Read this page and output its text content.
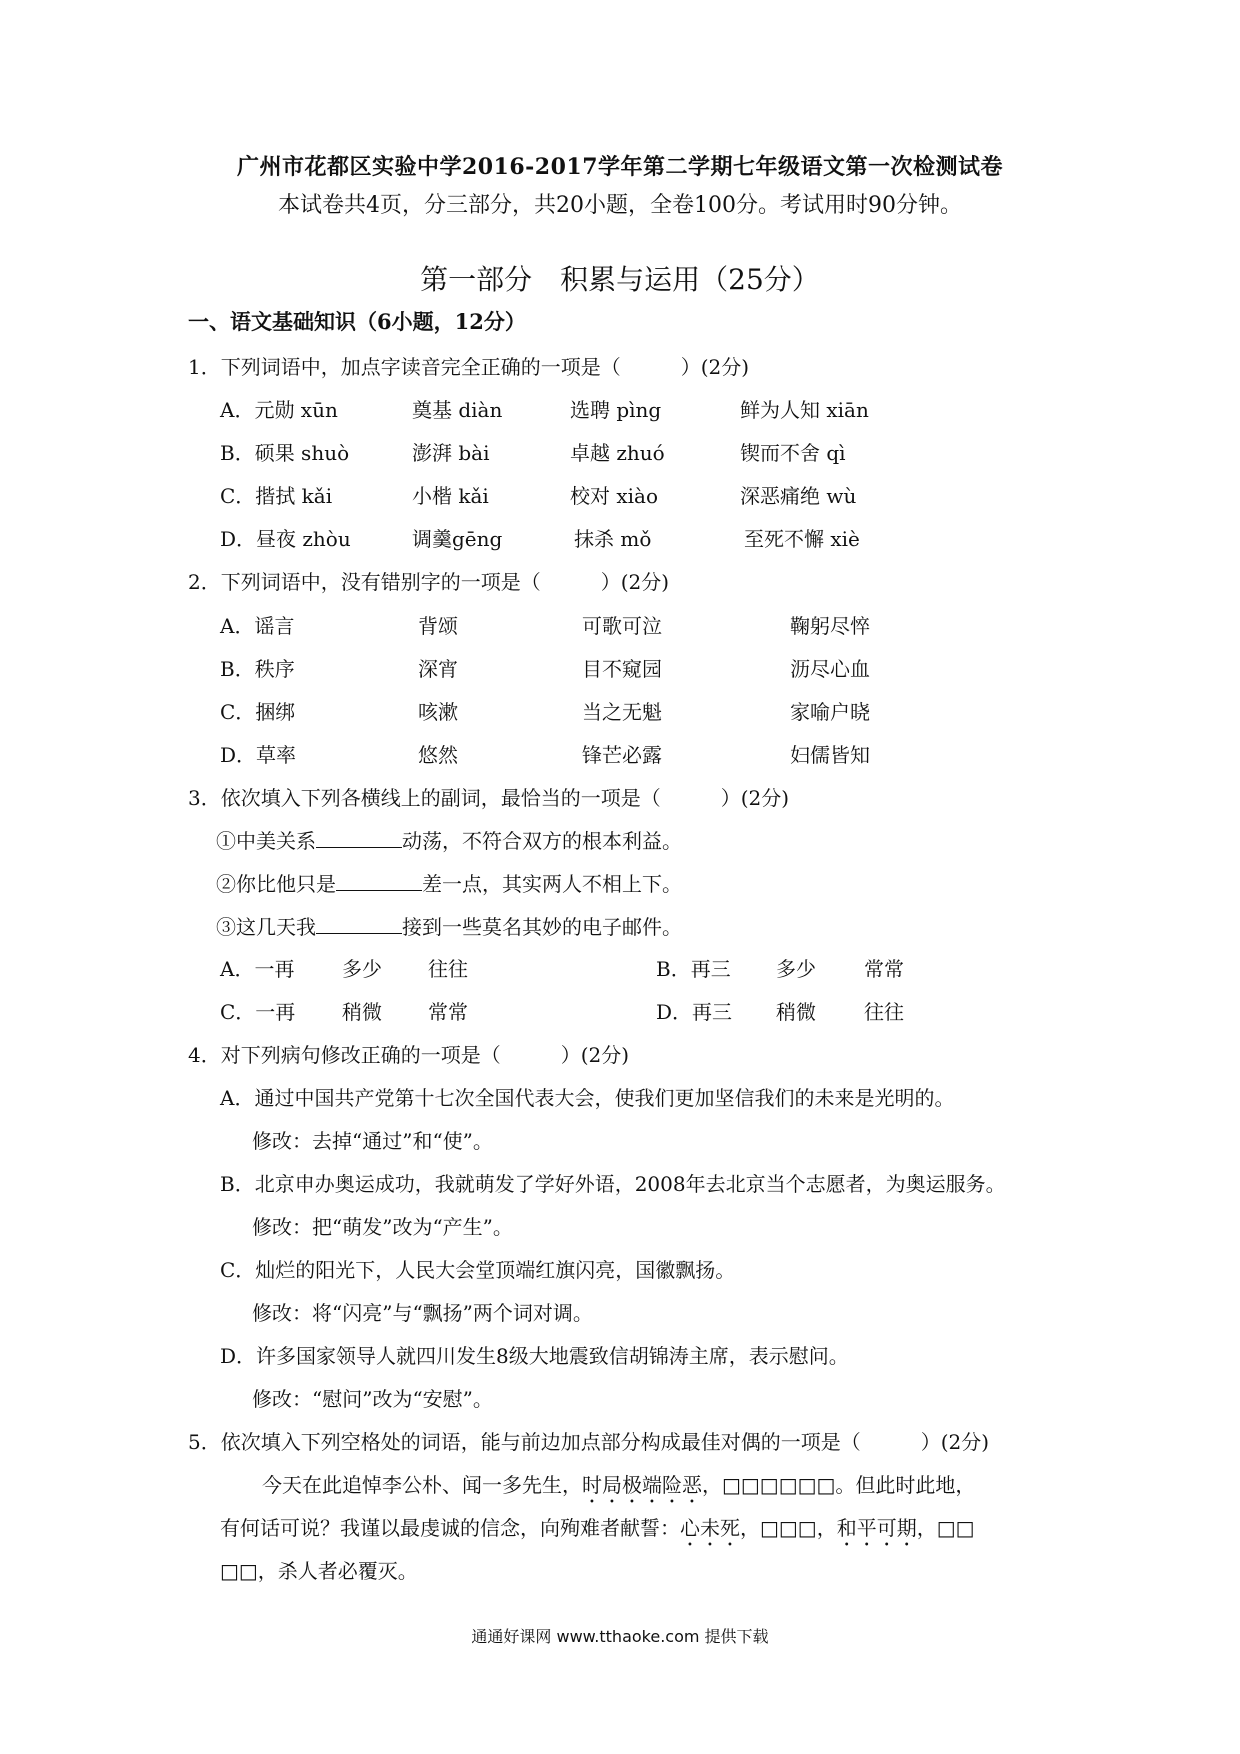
广州市花都区实验中学2016-2017学年第二学期七年级语文第一次检测试卷
本试卷共4页，分三部分，共20小题，全卷100分。考试用时90分钟。
第一部分　积累与运用（25分）
一、语文基础知识（6小题，12分）
1．下列词语中，加点字读音完全正确的一项是（　　　）(2分)
A．元勋 xūn	奠基 diàn	选聘 pìng	鲜为人知 xiān
B．硕果 shuò	澎湃 bài	卓越 zhuó	锲而不舍 qì
C．揩拭 kǎi	小楷 kǎi	校对 xiào	深恶痛绝 wù
D．昼夜 zhòu	调羹gēng	抹杀 mǒ	至死不懈 xiè
2．下列词语中，没有错别字的一项是（　　　）(2分)
A．谣言	背颂	可歌可泣	鞠躬尽悴
B．秩序	深宵	目不窥园	沥尽心血
C．捆绑	咳漱	当之无魁	家喻户晓
D．草率	悠然	锋芒必露	妇儒皆知
3．依次填入下列各横线上的副词，最恰当的一项是（　　　）(2分)
①中美关系	动荡，不符合双方的根本利益。
②你比他只是	差一点，其实两人不相上下。
③这几天我	接到一些莫名其妙的电子邮件。
A．一再 多少 往往	B．再三 多少 常常
C．一再 稍微 常常	D．再三 稍微 往往
4．对下列病句修改正确的一项是（　　　）(2分)
A．通过中国共产党第十七次全国代表大会，使我们更加坚信我们的未来是光明的。
修改：去掉“通过”和“使”。
B．北京申办奥运成功，我就萌发了学好外语，2008年去北京当个志愿者，为奥运服务。
修改：把“萌发”改为“产生”。
C．灿烂的阳光下，人民大会堂顶端红旗闪亮，国徽飘扬。
修改：将“闪亮”与“飘扬”两个词对调。
D．许多国家领导人就四川发生8级大地震致信胡锦涛主席，表示慰问。
修改：“慰问”改为“安慰”。
5．依次填入下列空格处的词语，能与前边加点部分构成最佳对偶的一项是（　　　）(2分)
今天在此追悼李公朴、闻一多先生，时局极端险恶，□□□□□□。但此时此地，
有何话可说？我谨以最虔诚的信念，向殉难者献誓：心未死，□□□，和平可期，□□
□□，杀人者必覆灭。
通通好课网 www.tthaoke.com 提供下载
